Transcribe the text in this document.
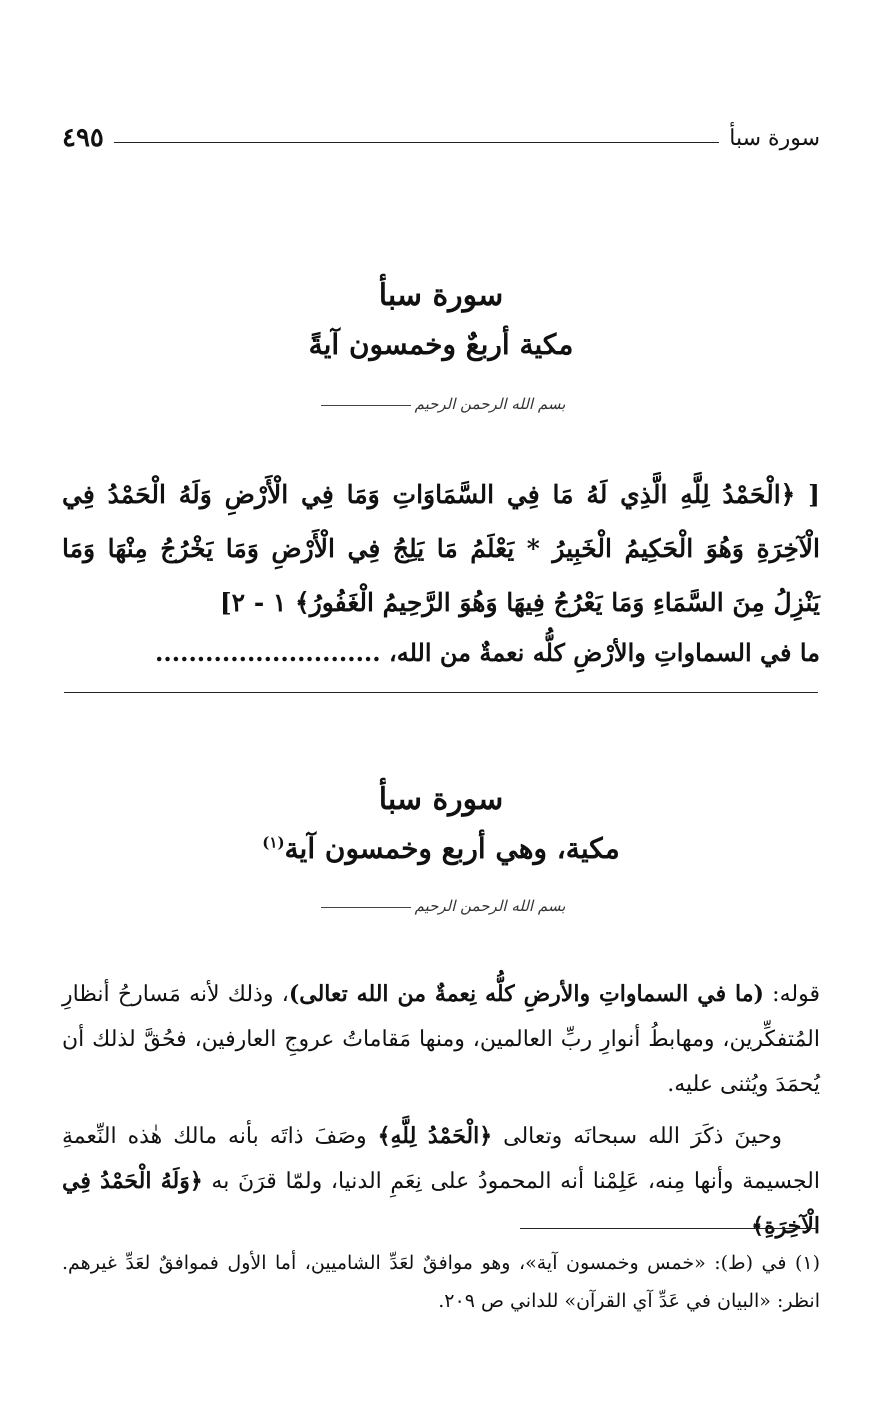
سورة سبأ
٤٩٥
سورة سبأ
مكية أربعٌ وخمسون آيةً
بسم الله الرحمن الرحيم
[ ﴿الْحَمْدُ لِلَّهِ الَّذِي لَهُ مَا فِي السَّمَاوَاتِ وَمَا فِي الْأَرْضِ وَلَهُ الْحَمْدُ فِي الْآخِرَةِ وَهُوَ الْحَكِيمُ الْخَبِيرُ * يَعْلَمُ مَا يَلِجُ فِي الْأَرْضِ وَمَا يَخْرُجُ مِنْهَا وَمَا يَنْزِلُ مِنَ السَّمَاءِ وَمَا يَعْرُجُ فِيهَا وَهُوَ الرَّحِيمُ الْغَفُورُ﴾ ١ - ٢]
ما في السماواتِ والأرْضِ كلُّه نعمةٌ من الله، ...........................
سورة سبأ
مكية، وهي أربع وخمسون آية$^{(١)}$
بسم الله الرحمن الرحيم
قوله: (ما في السماواتِ والأرضِ كلُّه نِعمةٌ من الله تعالى)، وذلك لأنه مَسارحُ أنظارِ المُتفكِّرين، ومهابطُ أنوارِ ربِّ العالمين، ومنها مَقاماتُ عروجِ العارفين، فحُقَّ لذلك أن يُحمَدَ ويُثنى عليه.
وحينَ ذكَرَ الله سبحانَه وتعالى ﴿الْحَمْدُ لِلَّهِ﴾ وصَفَ ذاتَه بأنه مالك هٰذه النِّعمةِ الجسيمة وأنها مِنه، عَلِمْنا أنه المحمودُ على نِعَمِ الدنيا، ولمّا قرَنَ به ﴿وَلَهُ الْحَمْدُ فِي الْآخِرَةِ﴾
(١) في (ط): «خمس وخمسون آية»، وهو موافقٌ لعَدِّ الشاميين، أما الأول فموافقٌ لعَدِّ غيرهم. انظر: «البيان في عَدِّ آي القرآن» للداني ص ٢٠٩.
